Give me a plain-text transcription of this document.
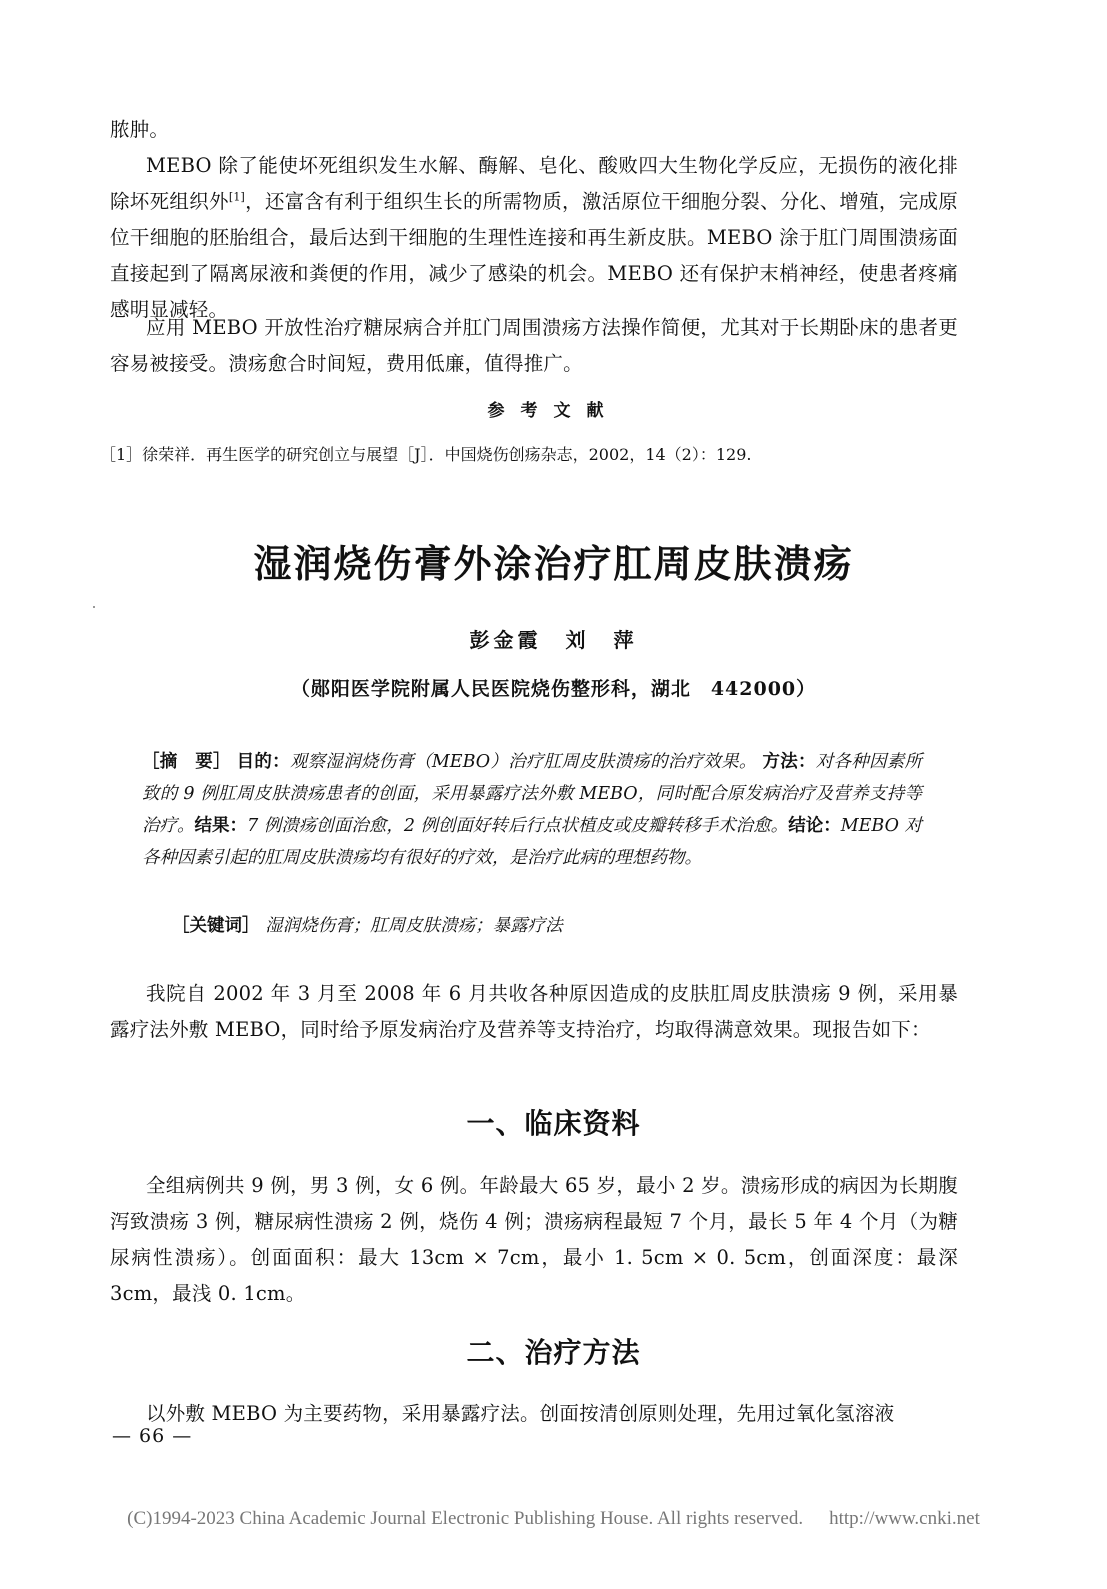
脓肿。
MEBO 除了能使坏死组织发生水解、酶解、皂化、酸败四大生物化学反应，无损伤的液化排除坏死组织外[1]，还富含有利于组织生长的所需物质，激活原位干细胞分裂、分化、增殖，完成原位干细胞的胚胎组合，最后达到干细胞的生理性连接和再生新皮肤。MEBO 涂于肛门周围溃疡面直接起到了隔离尿液和粪便的作用，减少了感染的机会。MEBO 还有保护末梢神经，使患者疼痛感明显减轻。
应用 MEBO 开放性治疗糖尿病合并肛门周围溃疡方法操作简便，尤其对于长期卧床的患者更容易被接受。溃疡愈合时间短，费用低廉，值得推广。
参考文献
［1］徐荣祥．再生医学的研究创立与展望［J］．中国烧伤创疡杂志，2002，14（2）：129.
湿润烧伤膏外涂治疗肛周皮肤溃疡
彭金霞　刘　萍
（郧阳医学院附属人民医院烧伤整形科，湖北　442000）
［摘　要］ 目的：观察湿润烧伤膏（MEBO）治疗肛周皮肤溃疡的治疗效果。 方法：对各种因素所致的 9 例肛周皮肤溃疡患者的创面，采用暴露疗法外敷 MEBO，同时配合原发病治疗及营养支持等治疗。结果：7 例溃疡创面治愈，2 例创面好转后行点状植皮或皮瓣转移手术治愈。结论：MEBO 对各种因素引起的肛周皮肤溃疡均有很好的疗效，是治疗此病的理想药物。
［关键词］ 湿润烧伤膏；肛周皮肤溃疡；暴露疗法
我院自 2002 年 3 月至 2008 年 6 月共收各种原因造成的皮肤肛周皮肤溃疡 9 例，采用暴露疗法外敷 MEBO，同时给予原发病治疗及营养等支持治疗，均取得满意效果。现报告如下：
一、临床资料
全组病例共 9 例，男 3 例，女 6 例。年龄最大 65 岁，最小 2 岁。溃疡形成的病因为长期腹泻致溃疡 3 例，糖尿病性溃疡 2 例，烧伤 4 例；溃疡病程最短 7 个月，最长 5 年 4 个月（为糖尿病性溃疡）。创面面积：最大 13cm × 7cm，最小 1. 5cm × 0. 5cm，创面深度：最深 3cm，最浅 0. 1cm。
二、治疗方法
以外敷 MEBO 为主要药物，采用暴露疗法。创面按清创原则处理，先用过氧化氢溶液
— 66 —
(C)1994-2023 China Academic Journal Electronic Publishing House. All rights reserved. http://www.cnki.net
